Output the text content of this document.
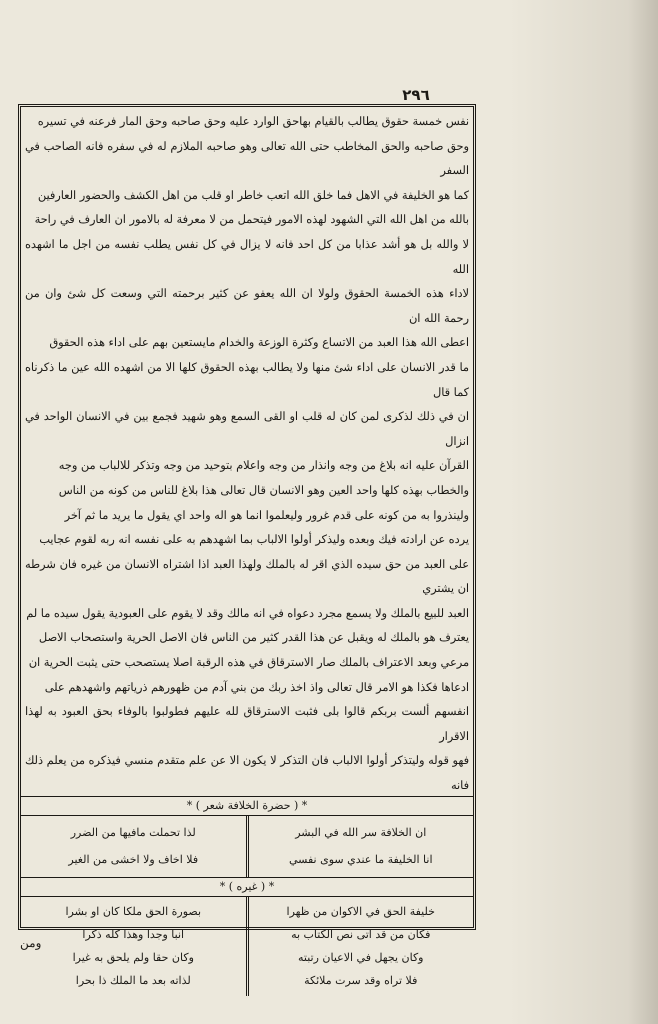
٢٩٦
نفس خمسة حقوق يطالب بالقيام بهاحق الوارد عليه وحق صاحبه وحق المار فرعنه في تسيره
وحق صاحبه والحق المخاطب حتى الله تعالى وهو صاحبه الملازم له في سفره فانه الصاحب في السفر
كما هو الخليفة في الاهل فما خلق الله اتعب خاطر او قلب من اهل الكشف والحضور العارفين
بالله من اهل الله التي الشهود لهذه الامور فيتحمل من لا معرفة له بالامور ان العارف في راحة
لا والله بل هو أشد عذابا من كل احد فانه لا يزال في كل نفس يطلب نفسه من اجل ما اشهده الله
لاداء هذه الخمسة الحقوق ولولا ان الله يعفو عن كثير برحمته التي وسعت كل شئ وان من رحمة الله ان
اعطى الله هذا العبد من الاتساع وكثرة الوزعة والخدام مايستعين بهم على اداء هذه الحقوق
ما قدر الانسان على اداء شئ منها ولا يطالب بهذه الحقوق كلها الا من اشهده الله عين ما ذكرناه كما قال
ان في ذلك لذكرى لمن كان له قلب او القى السمع وهو شهيد فجمع بين في الانسان الواحد في انزال
القرآن عليه انه بلاغ من وجه وانذار من وجه واعلام بتوحيد من وجه وتذكر للالباب من وجه
والخطاب بهذه كلها واحد العين وهو الانسان قال تعالى هذا بلاغ للناس من كونه من الناس
ولينذروا به من كونه على قدم غرور وليعلموا انما هو اله واحد اي يقول ما يريد ما ثم آخر
يرده عن ارادته فيك وبعده وليذكر أولوا الالباب بما اشهدهم به على نفسه انه ربه لقوم عجايب
على العبد من حق سيده الذي اقر له بالملك ولهذا العبد اذا اشتراه الانسان من غيره فان شرطه ان يشتري
العبد للبيع بالملك ولا يسمع مجرد دعواه في انه مالك وقد لا يقوم على العبودية يقول سيده ما لم
يعترف هو بالملك له ويقبل عن هذا القدر كثير من الناس فان الاصل الحرية واستصحاب الاصل
مرعي وبعد الاعتراف بالملك صار الاسترقاق في هذه الرقبة اصلا يستصحب حتى يثبت الحرية ان
ادعاها فكذا هو الامر قال تعالى واذ اخذ ربك من بني آدم من ظهورهم ذرياتهم واشهدهم على
انفسهم ألست بربكم قالوا بلى فثبت الاسترقاق لله عليهم فطولبوا بالوفاء بحق العبود به لهذا الاقرار
فهو قوله وليتذكر أولوا الالباب فان التذكر لا يكون الا عن علم متقدم منسي فيذكره من يعلم ذلك فانه
* ( حضرة الخلافة شعر ) *
ان الخلافة سر الله في البشر
انا الخليفة ما عندي سوى نفسي
لذا تحملت مافيها من الضرر
فلا اخاف ولا اخشى من الغير
* ( غيره ) *
خليفة الحق في الاكوان من ظهرا
فكان من قد اتى نص الكتاب به
وكان يجهل في الاعيان رتبته
فلا تراه وقد سرت ملائكة
بصورة الحق ملكا كان او بشرا
انبا وجدا وهذا كله ذكرا
وكان حقا ولم يلحق به غيرا
لذاته بعد ما الملك ذا بحرا
ومن
